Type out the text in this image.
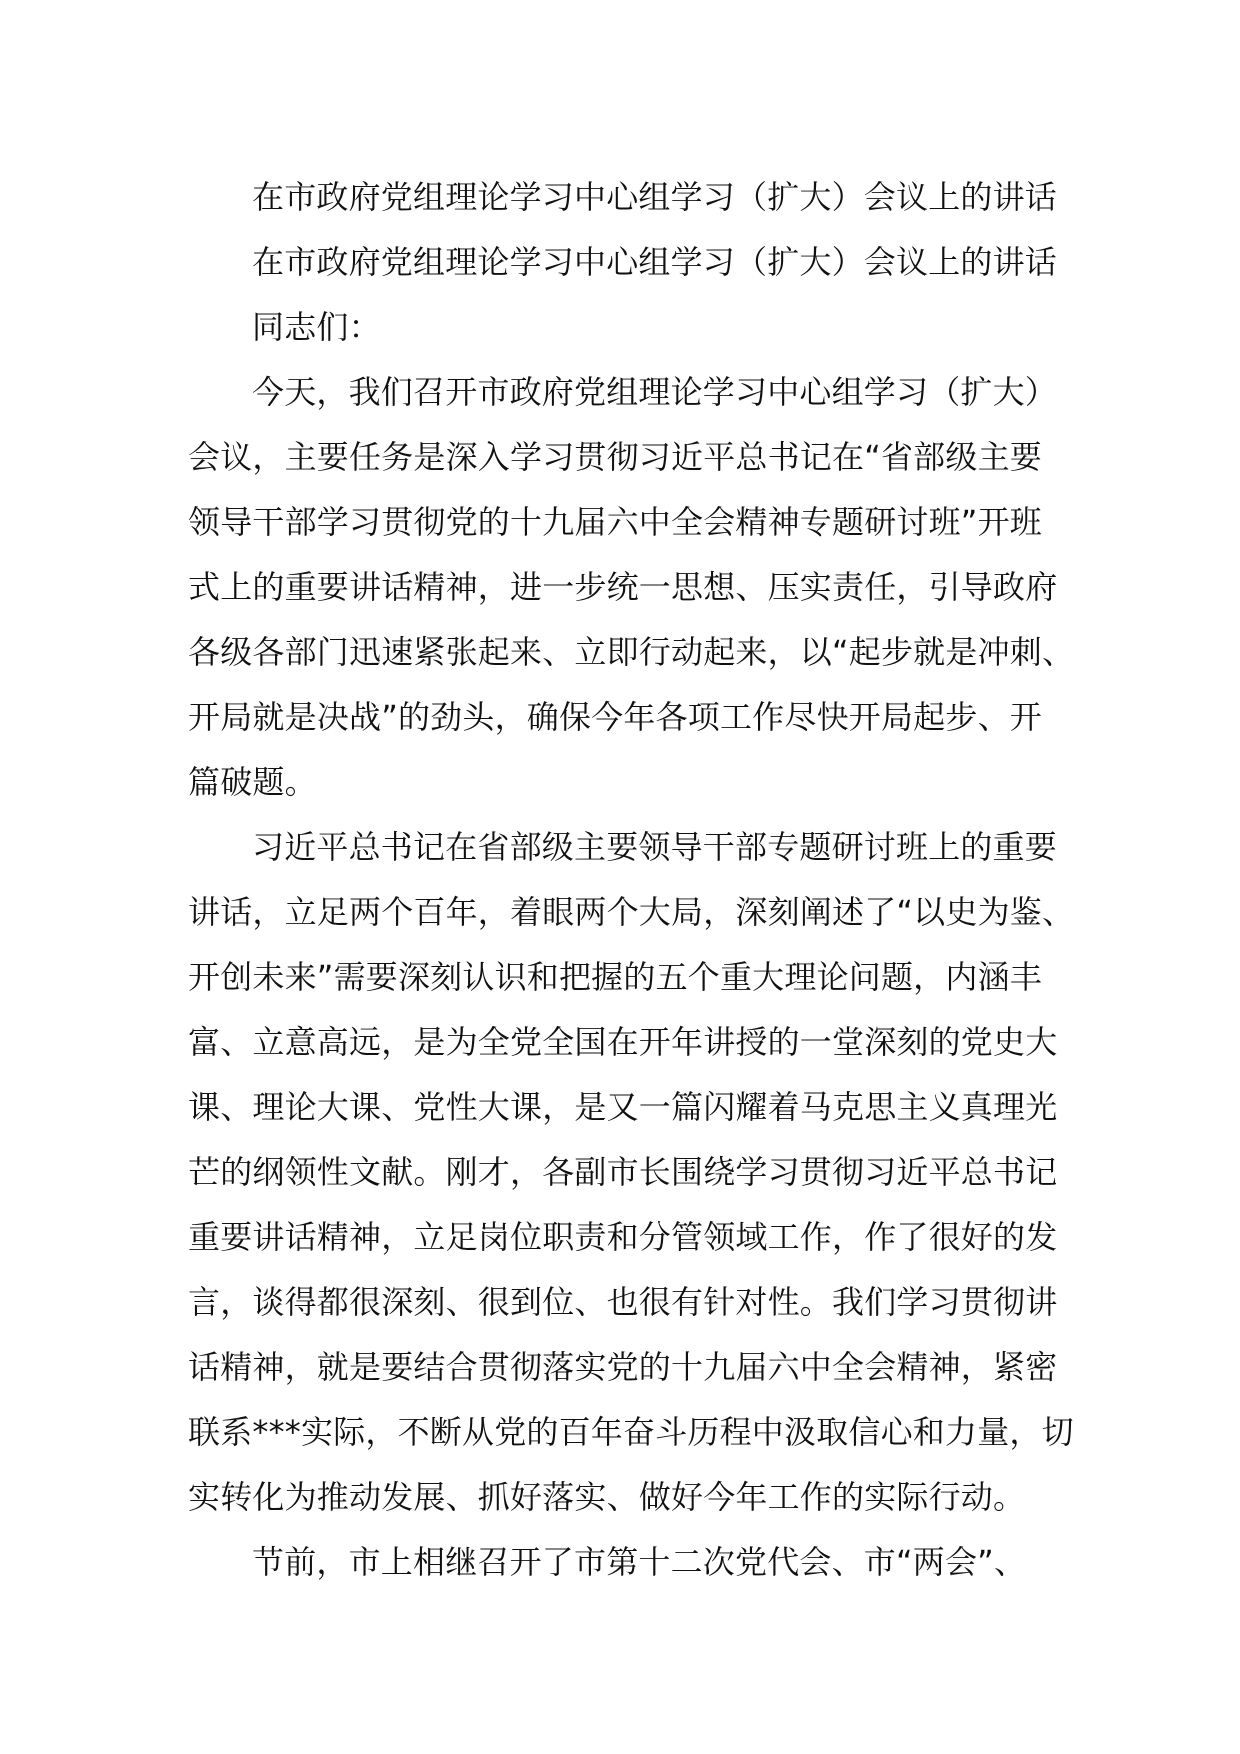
在市政府党组理论学习中心组学习（扩大）会议上的讲话
在市政府党组理论学习中心组学习（扩大）会议上的讲话
同志们：
今天，我们召开市政府党组理论学习中心组学习（扩大）
会议，主要任务是深入学习贯彻习近平总书记在“省部级主要
领导干部学习贯彻党的十九届六中全会精神专题研讨班”开班
式上的重要讲话精神，进一步统一思想、压实责任，引导政府
各级各部门迅速紧张起来、立即行动起来，以“起步就是冲刺、
开局就是决战”的劲头，确保今年各项工作尽快开局起步、开
篇破题。
习近平总书记在省部级主要领导干部专题研讨班上的重要
讲话，立足两个百年，着眼两个大局，深刻阐述了“以史为鉴、
开创未来”需要深刻认识和把握的五个重大理论问题，内涵丰
富、立意高远，是为全党全国在开年讲授的一堂深刻的党史大
课、理论大课、党性大课，是又一篇闪耀着马克思主义真理光
芒的纲领性文献。刚才，各副市长围绕学习贯彻习近平总书记
重要讲话精神，立足岗位职责和分管领域工作，作了很好的发
言，谈得都很深刻、很到位、也很有针对性。我们学习贯彻讲
话精神，就是要结合贯彻落实党的十九届六中全会精神，紧密
联系***实际，不断从党的百年奋斗历程中汲取信心和力量，切
实转化为推动发展、抓好落实、做好今年工作的实际行动。
节前，市上相继召开了市第十二次党代会、市“两会”、
